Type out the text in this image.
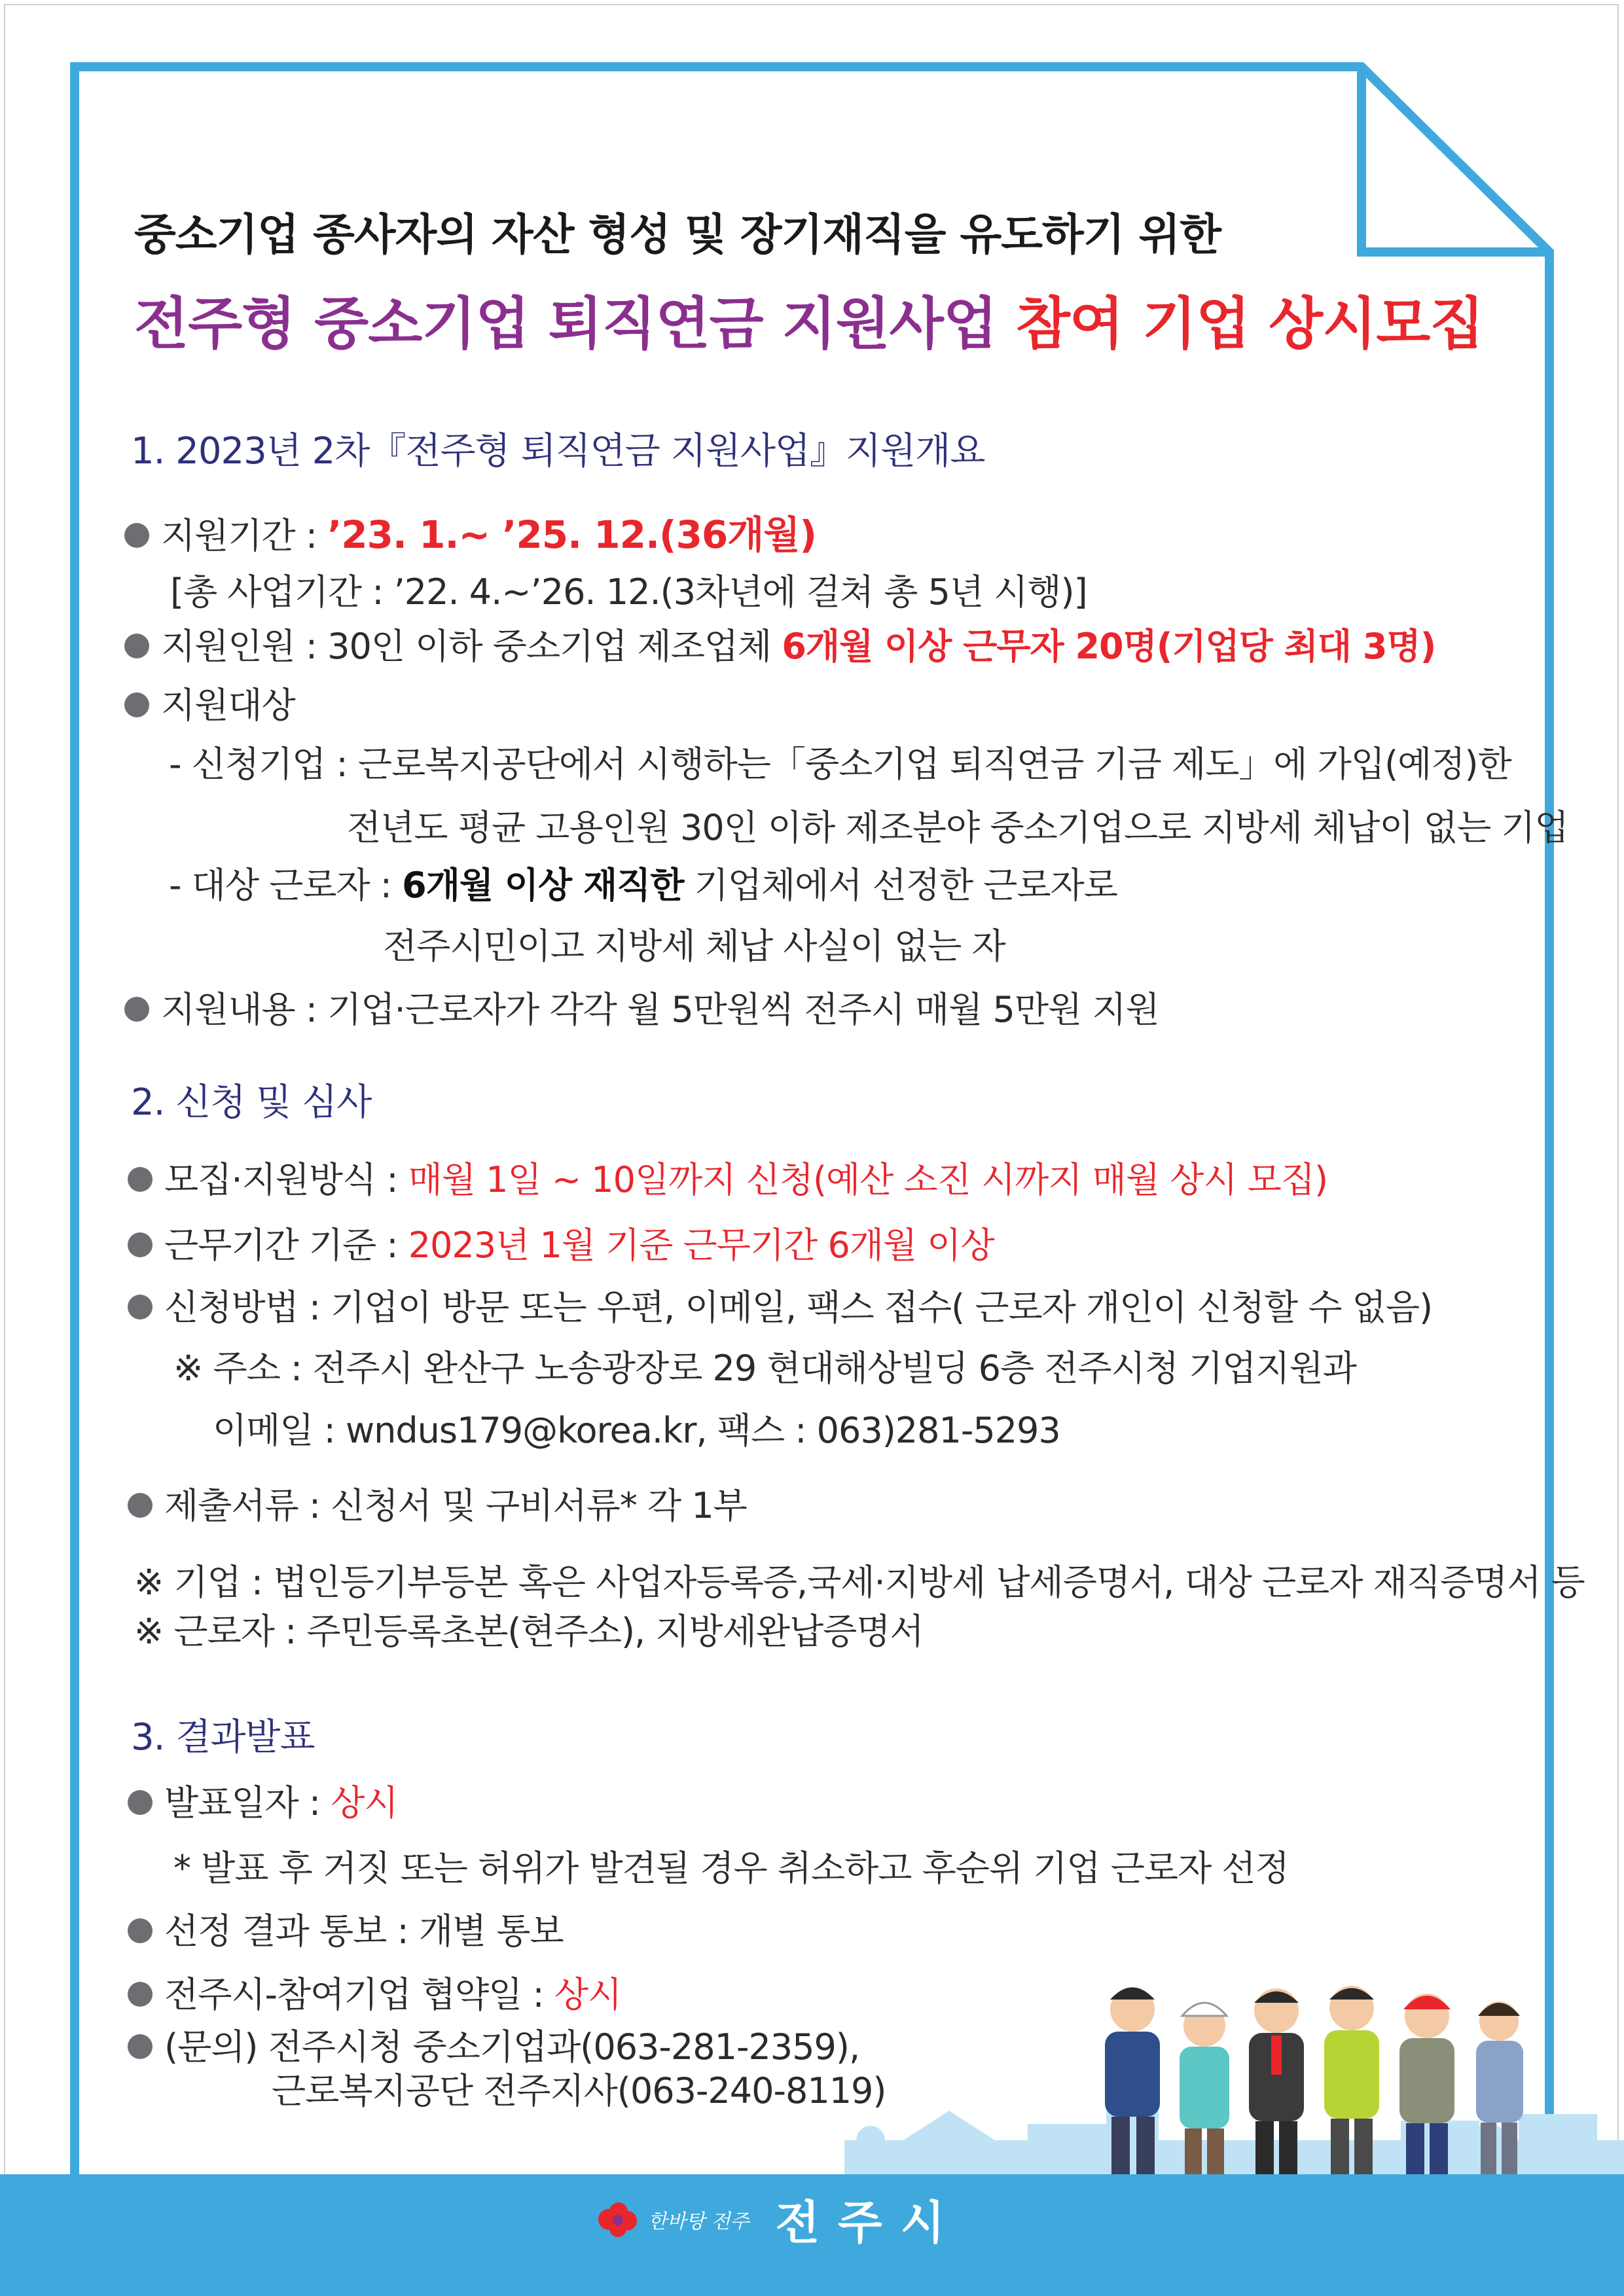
중소기업 종사자의 자산 형성 및 장기재직을 유도하기 위한
전주형 중소기업 퇴직연금 지원사업 참여 기업 상시모집
1. 2023년 2차『전주형 퇴직연금 지원사업』지원개요
지원기간 : ’23. 1.~ ’25. 12.(36개월)
[총 사업기간 : ’22. 4.~’26. 12.(3차년에 걸쳐 총 5년 시행)]
지원인원 : 30인 이하 중소기업 제조업체 6개월 이상 근무자 20명(기업당 최대 3명)
지원대상
- 신청기업 : 근로복지공단에서 시행하는「중소기업 퇴직연금 기금 제도」에 가입(예정)한
전년도 평균 고용인원 30인 이하 제조분야 중소기업으로 지방세 체납이 없는 기업
- 대상 근로자 : 6개월 이상 재직한 기업체에서 선정한 근로자로
전주시민이고 지방세 체납 사실이 없는 자
지원내용 : 기업·근로자가 각각 월 5만원씩 전주시 매월 5만원 지원
2. 신청 및 심사
모집·지원방식 : 매월 1일 ~ 10일까지 신청(예산 소진 시까지 매월 상시 모집)
근무기간 기준 : 2023년 1월 기준 근무기간 6개월 이상
신청방법 : 기업이 방문 또는 우편, 이메일, 팩스 접수( 근로자 개인이 신청할 수 없음)
※ 주소 : 전주시 완산구 노송광장로 29 현대해상빌딩 6층 전주시청 기업지원과
이메일 : wndus179@korea.kr, 팩스 : 063)281-5293
제출서류 : 신청서 및 구비서류* 각 1부
※ 기업 : 법인등기부등본 혹은 사업자등록증,국세·지방세 납세증명서, 대상 근로자 재직증명서 등
※ 근로자 : 주민등록초본(현주소), 지방세완납증명서
3. 결과발표
발표일자 : 상시
* 발표 후 거짓 또는 허위가 발견될 경우 취소하고 후순위 기업 근로자 선정
선정 결과 통보 : 개별 통보
전주시-참여기업 협약일 : 상시
(문의) 전주시청 중소기업과(063-281-2359),
근로복지공단 전주지사(063-240-8119)
한바탕 전주 전주시
